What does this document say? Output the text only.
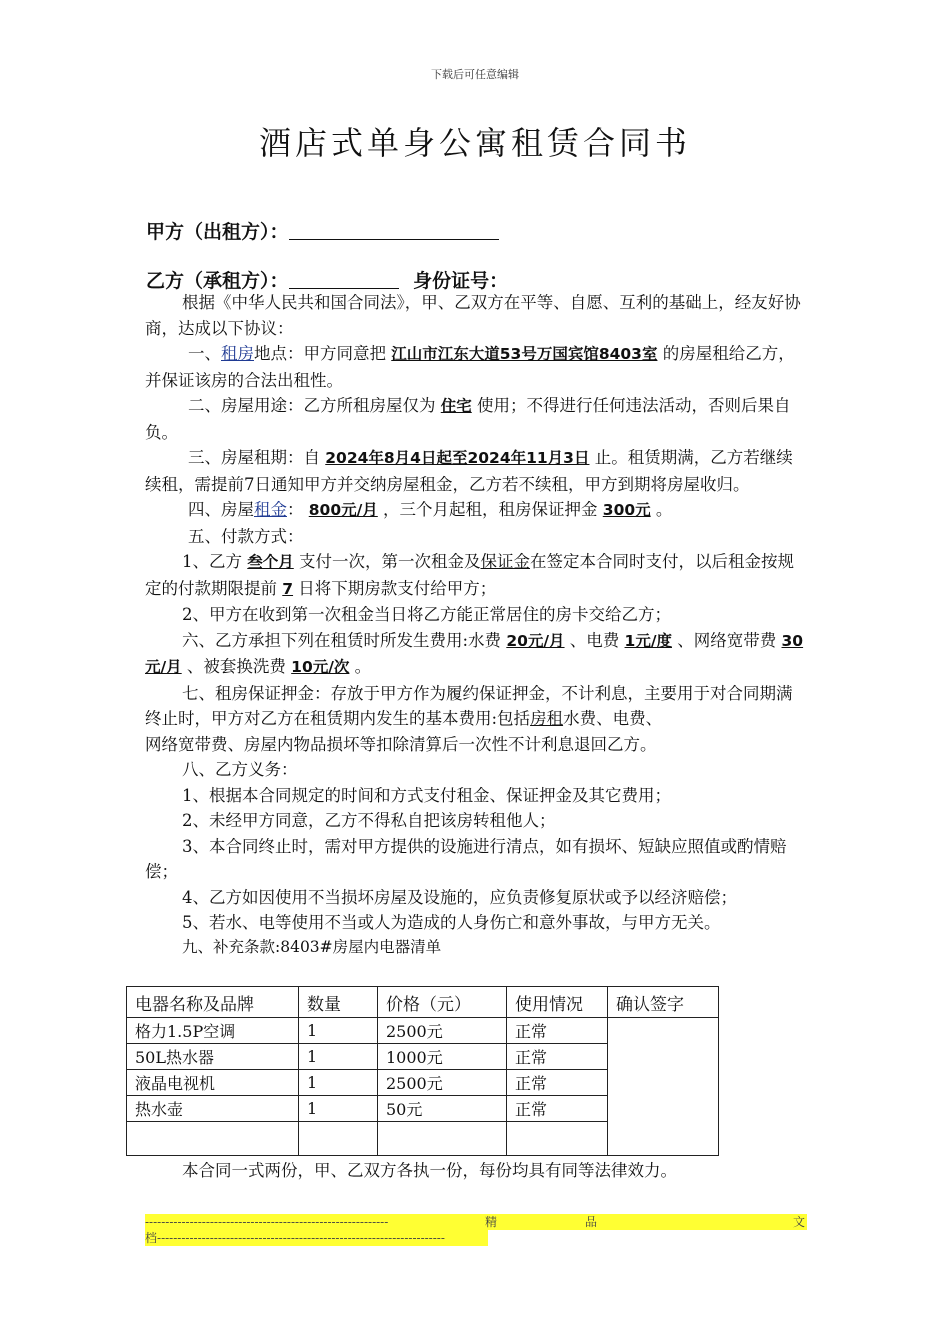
下载后可任意编辑
酒店式单身公寓租赁合同书
甲方（出租方）：
乙方（承租方）：	身份证号：

根据《中华人民共和国合同法》，甲、乙双方在平等、自愿、互利的基础上，经友好协商，达成以下协议：

一、租房地点：甲方同意把 江山市江东大道53号万国宾馆8403室 的房屋租给乙方，并保证该房的合法出租性。

二、房屋用途：乙方所租房屋仅为 住宅 使用；不得进行任何违法活动，否则后果自负。

三、房屋租期：自 2024年8月4日起至2024年11月3日 止。租赁期满，乙方若继续续租，需提前7日通知甲方并交纳房屋租金，乙方若不续租，甲方到期将房屋收归。

四、房屋租金： 800元/月 ，三个月起租，租房保证押金 300元 。

五、付款方式：

1、乙方 叁个月 支付一次，第一次租金及保证金在签定本合同时支付，以后租金按规定的付款期限提前 7 日将下期房款支付给甲方；

2、甲方在收到第一次租金当日将乙方能正常居住的房卡交给乙方；

六、乙方承担下列在租赁时所发生费用:水费 20元/月 、电费 1元/度 、网络宽带费 30元/月 、被套换洗费 10元/次 。

七、租房保证押金：存放于甲方作为履约保证押金，不计利息，主要用于对合同期满终止时，甲方对乙方在租赁期内发生的基本费用:包括房租水费、电费、

网络宽带费、房屋内物品损坏等扣除清算后一次性不计利息退回乙方。

八、乙方义务：

1、根据本合同规定的时间和方式支付租金、保证押金及其它费用；

2、未经甲方同意，乙方不得私自把该房转租他人；

3、本合同终止时，需对甲方提供的设施进行清点，如有损坏、短缺应照值或酌情赔偿；

4、乙方如因使用不当损坏房屋及设施的，应负责修复原状或予以经济赔偿；

5、若水、电等使用不当或人为造成的人身伤亡和意外事故，与甲方无关。

九、补充条款:8403#房屋内电器清单

电器名称及品牌	数量	价格（元）	使用情况	确认签字
格力1.5P空调	1	2500元	正常	
50L热水器	1	1000元	正常	
液晶电视机	1	2500元	正常	
热水壶	1	50元	正常	

本合同一式两份，甲、乙双方各执一份，每份均具有同等法律效力。
------------------------------------------------------------	精	品	文
档-----------------------------------------------------------------------
